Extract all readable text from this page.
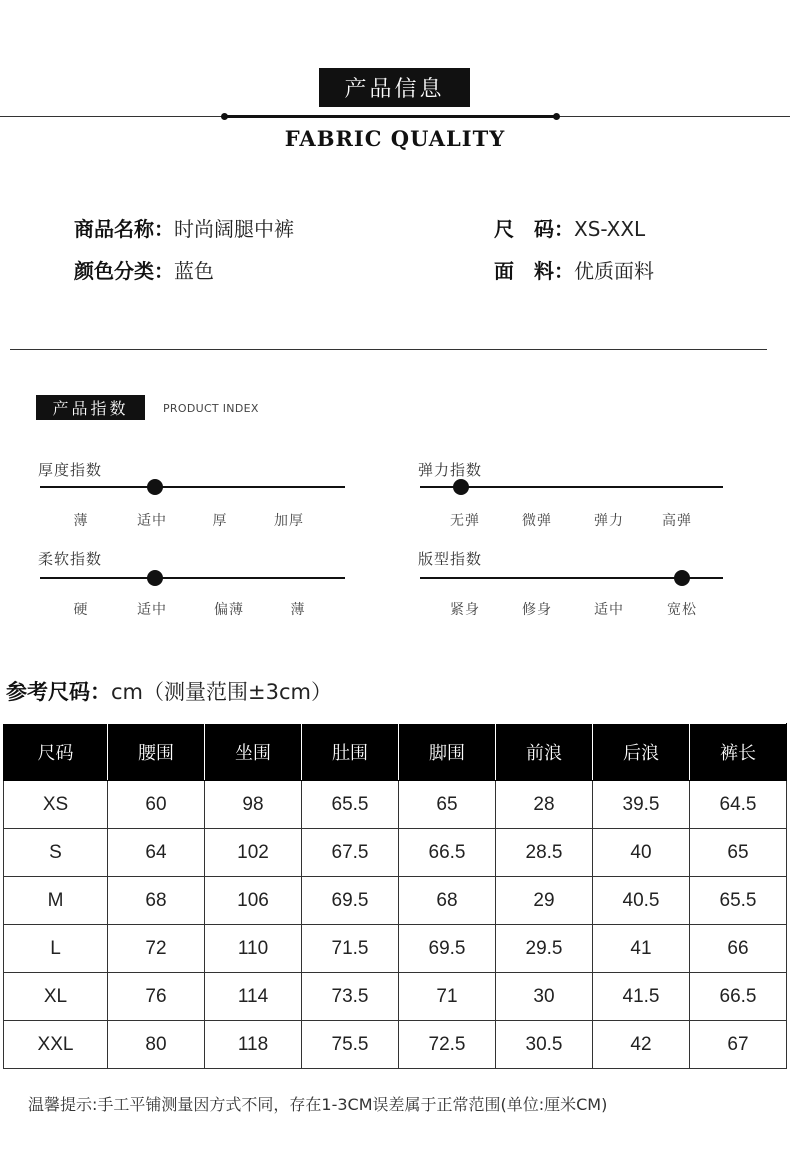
产品信息
FABRIC QUALITY
商品名称：时尚阔腿中裤	尺　码：XS-XXL
颜色分类：蓝色	面　料：优质面料
产品指数	PRODUCT INDEX
厚度指数
薄	适中	厚	加厚
弹力指数
无弹	微弹	弹力	高弹
柔软指数
硬	适中	偏薄	薄
版型指数
紧身	修身	适中	宽松
参考尺码：cm（测量范围±3cm）
尺码	腰围	坐围	肚围	脚围	前浪	后浪	裤长
XS	60	98	65.5	65	28	39.5	64.5
S	64	102	67.5	66.5	28.5	40	65
M	68	106	69.5	68	29	40.5	65.5
L	72	110	71.5	69.5	29.5	41	66
XL	76	114	73.5	71	30	41.5	66.5
XXL	80	118	75.5	72.5	30.5	42	67
温馨提示:手工平铺测量因方式不同，存在1-3CM误差属于正常范围(单位:厘米CM)
